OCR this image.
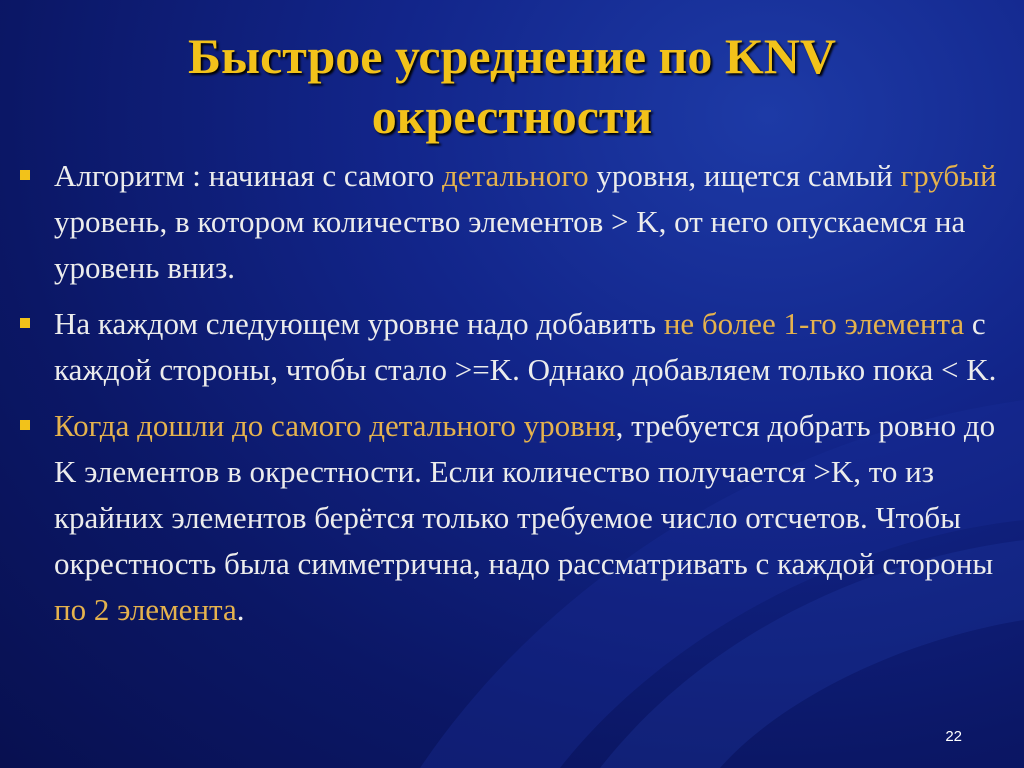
Быстрое усреднение по KNV
окрестности
Алгоритм : начиная с самого детального уровня, ищется самый грубый уровень, в котором количество элементов > K, от него опускаемся на уровень вниз.
На каждом следующем уровне надо добавить не более 1-го элемента с каждой стороны, чтобы стало >=K. Однако добавляем только пока < K.
Когда дошли до самого детального уровня, требуется добрать ровно до K элементов в окрестности. Если количество получается >K, то из крайних элементов берётся только требуемое число отсчетов. Чтобы окрестность была симметрична, надо рассматривать с каждой стороны по 2 элемента.
22
